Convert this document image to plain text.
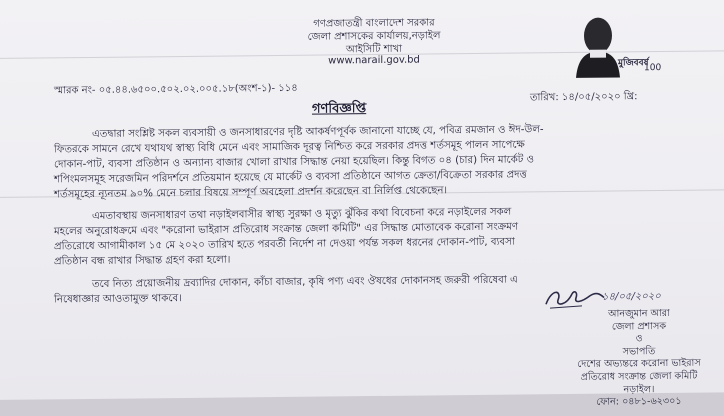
গণপ্রজাতন্ত্রী বাংলাদেশ সরকার
জেলা প্রশাসকের কার্যালয়,নড়াইল
আইসিটি শাখা
www.narail.gov.bd	মুজিববর্ষ
100
স্মারক নং- ০৫.৪৪.৬৫০০.৫০২.০২.০০৫.১৮(অংশ-১)- ১১৪
তারিখ: ১৪/০৫/২০২০ খ্রি:
গণবিজ্ঞপ্তি
এতদ্বারা সংশ্লিষ্ট সকল ব্যবসায়ী ও জনসাধারণের দৃষ্টি আকর্ষণপূর্বক জানানো যাচ্ছে যে, পবিত্র রমজান ও ঈদ-উল-
ফিতরকে সামনে রেখে যথাযথ স্বাস্থ্য বিধি মেনে এবং সামাজিক দূরত্ব নিশ্চিত করে সরকার প্রদত্ত শর্তসমূহ পালন সাপেক্ষে
দোকান-পাট, ব্যবসা প্রতিষ্ঠান ও অন্যান্য বাজার খোলা রাখার সিদ্ধান্ত নেয়া হয়েছিল। কিন্তু বিগত ০৪ (চার) দিন মার্কেট ও
শপিংমলসমূহ সরেজমিন পরিদর্শনে প্রতিয়মান হয়েছে যে মার্কেট ও ব্যবসা প্রতিষ্ঠানে আগত ক্রেতা/বিক্রেতা সরকার প্রদত্ত
শর্তসমূহের ন্যূনতম ৯০% মেনে চলার বিষয়ে সম্পূর্ণ অবহেলা প্রদর্শন করেছেন বা নির্লিপ্ত থেকেছেন।
এমতাবস্থায় জনসাধারণ তথা নড়াইলবাসীর স্বাস্থ্য সুরক্ষা ও মৃত্যু ঝুঁকির কথা বিবেচনা করে নড়াইলের সকল
মহলের অনুরোধক্রমে এবং "করোনা ভাইরাস প্রতিরোধ সংক্রান্ত জেলা কমিটি" এর সিদ্ধান্ত মোতাবেক করোনা সংক্রমণ
প্রতিরোধে আগামীকাল ১৫ মে ২০২০ তারিখ হতে পরবর্তী নির্দেশ না দেওয়া পর্যন্ত সকল ধরনের দোকান-পাট, ব্যবসা
প্রতিষ্ঠান বন্ধ রাখার সিদ্ধান্ত গ্রহণ করা হলো।
তবে নিত্য প্রয়োজনীয় দ্রব্যাদির দোকান, কাঁচা বাজার, কৃষি পণ্য এবং ঔষধের দোকানসহ জরুরী পরিষেবা এ
নিষেধাজ্ঞার আওতামুক্ত থাকবে।	১৪/০৫/২০২০
আনজুমান আরা
জেলা প্রশাসক
ও
সভাপতি
দেশের অভ্যন্তরে করোনা ভাইরাস
প্রতিরোধ সংক্রান্ত জেলা কমিটি
নড়াইল।
ফোন: ০৪৮১-৬২৩০১
